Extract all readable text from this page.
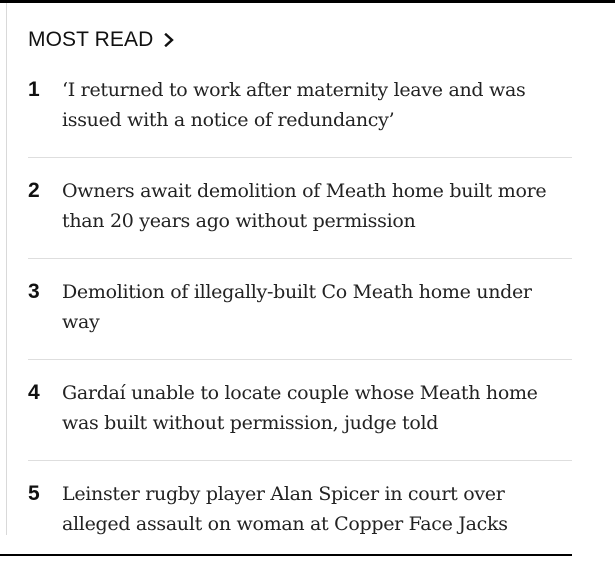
MOST READ
1	‘I returned to work after maternity leave and was issued with a notice of redundancy’
2	Owners await demolition of Meath home built more than 20 years ago without permission
3	Demolition of illegally-built Co Meath home under way
4	Gardaí unable to locate couple whose Meath home was built without permission, judge told
5	Leinster rugby player Alan Spicer in court over alleged assault on woman at Copper Face Jacks
